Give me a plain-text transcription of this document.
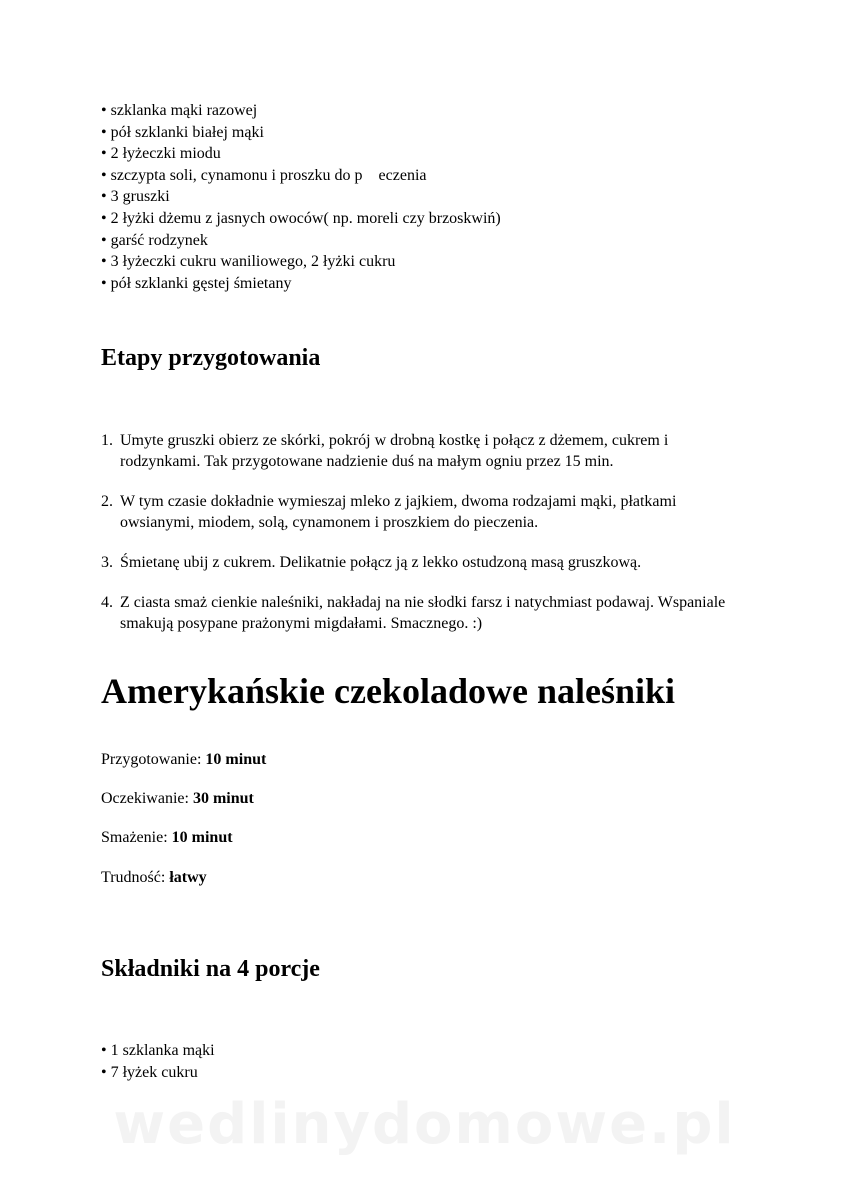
• szklanka mąki razowej
• pół szklanki białej mąki
• 2 łyżeczki miodu
• szczypta soli, cynamonu i proszku do p    eczenia
• 3 gruszki
• 2 łyżki dżemu z jasnych owoców( np. moreli czy brzoskwiń)
• garść rodzynek
• 3 łyżeczki cukru waniliowego, 2 łyżki cukru
• pół szklanki gęstej śmietany
Etapy przygotowania
1. Umyte gruszki obierz ze skórki, pokrój w drobną kostkę i połącz z dżemem, cukrem i rodzynkami. Tak przygotowane nadzienie duś na małym ogniu przez 15 min.
2. W tym czasie dokładnie wymieszaj mleko z jajkiem, dwoma rodzajami mąki, płatkami owsianymi, miodem, solą, cynamonem i proszkiem do pieczenia.
3. Śmietanę ubij z cukrem. Delikatnie połącz ją z lekko ostudzoną masą gruszkową.
4. Z ciasta smaż cienkie naleśniki, nakładaj na nie słodki farsz i natychmiast podawaj. Wspaniale smakują posypane prażonymi migdałami. Smacznego. :)
Amerykańskie czekoladowe naleśniki

Przygotowanie: 10 minut

Oczekiwanie: 30 minut

Smażenie: 10 minut

Trudność: łatwy

Składniki na 4 porcje
• 1 szklanka mąki
• 7 łyżek cukru
wedlinydomowe.pl
